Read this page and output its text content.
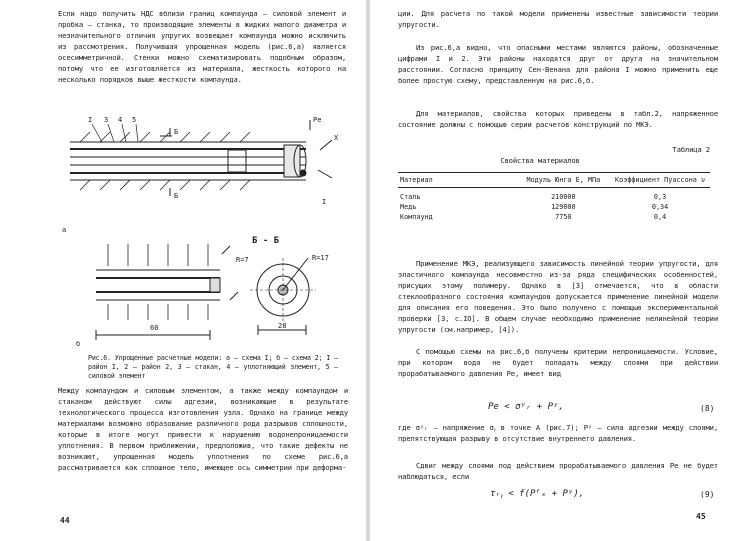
Если надо получить НДС вблизи границ компаунда – силовой элемент и пробка – станка, то производящие элементы в жидких малого диаметра и незначительного отличия упругих возвещает компаунда можно исключить из рассмотрения. Получившая упрощенная модель (рис.6,а) является осесимметричной. Стенки можно схематизировать подобным образом, потому что ее изготовляется из материала, жесткость которого на несколько порядков выше жесткости компаунда.

I 3 4 5
Б
Б
Pe
X
I
а
Б - Б
R=7	R=17
60	28
б

Рис.6. Упрощенные расчетные модели: а – схема I; б – схема 2; I – район I, 2 – район 2, 3 – стакан, 4 – уплотняющий элемент, 5 – силовой элемент

Между компаундом и силовым элементом, а также между компаундом и стаканом действуют силы адгезии, возникающие в результате технологического процесса изготовления узла. Однако на границе между материалами возможно образование различного рода разрывов сплошности, которые в итоге могут привести к нарушению водонепроницаемости уплотнения. В первом приближении, предположив, что такие дефекты не возникают, упрощенная модель уплотнения по схеме рис.6,а рассматривается как сплошное тело, имеющее ось симметрии при деформа-

44

ции. Для расчета по такой модели применены известные зависимости теории упругости.

Из рис.6,а видно, что опасными местами являются районы, обозначенные цифрами I и 2. Эти районы находятся друг от друга на значительном расстоянии. Согласно принципу Сен-Венана для района I можно применить еще более простую схему, представленную на рис.6,б.

Для материалов, свойства которых приведены в табл.2, напряженное состояние должны с помощью серии расчетов конструкций по МКЭ.

Таблица 2
Свойства материалов
Материал	Модуль Юнга E, МПа	Коэффициент Пуассона ν
Сталь	210000	0,3
Медь	129000	0,34
Компаунд	7750	0,4

Применение МКЭ, реализующего зависимость линейной теории упругости, для эластичного компаунда несовместно из-за ряда специфических особенностей, присущих этому полимеру. Однако в [3] отмечается, что в области стеклообразного состояния компаундов допускается применение линейной модели для описания его поведения. Это было получено с помощью экспериментальной проверки [3, с.IO]. В общем случае необходимо применение нелинейной теории упругости (см.например, [4]).

С помощью схемы на рис.6,б получены критерии непроницаемости. Условие, при котором вода не будет попадать между слоями при действии прорабатываемого давления Pe, имеет вид

Pe < σʸᵣ + Pʸ,	(8)

где σʸᵣ – напряжение σᵧ в точке A (рис.7); Pʸ – сила адгезии между слоями, препятствующая разрыву в отсутствие внутреннего давления.

Сдвиг между слоями под действием прорабатываемого давления Pe не будет наблюдаться, если

τᵣᵧ < f(Pᶠₓ + Pʸ),	(9)
45
